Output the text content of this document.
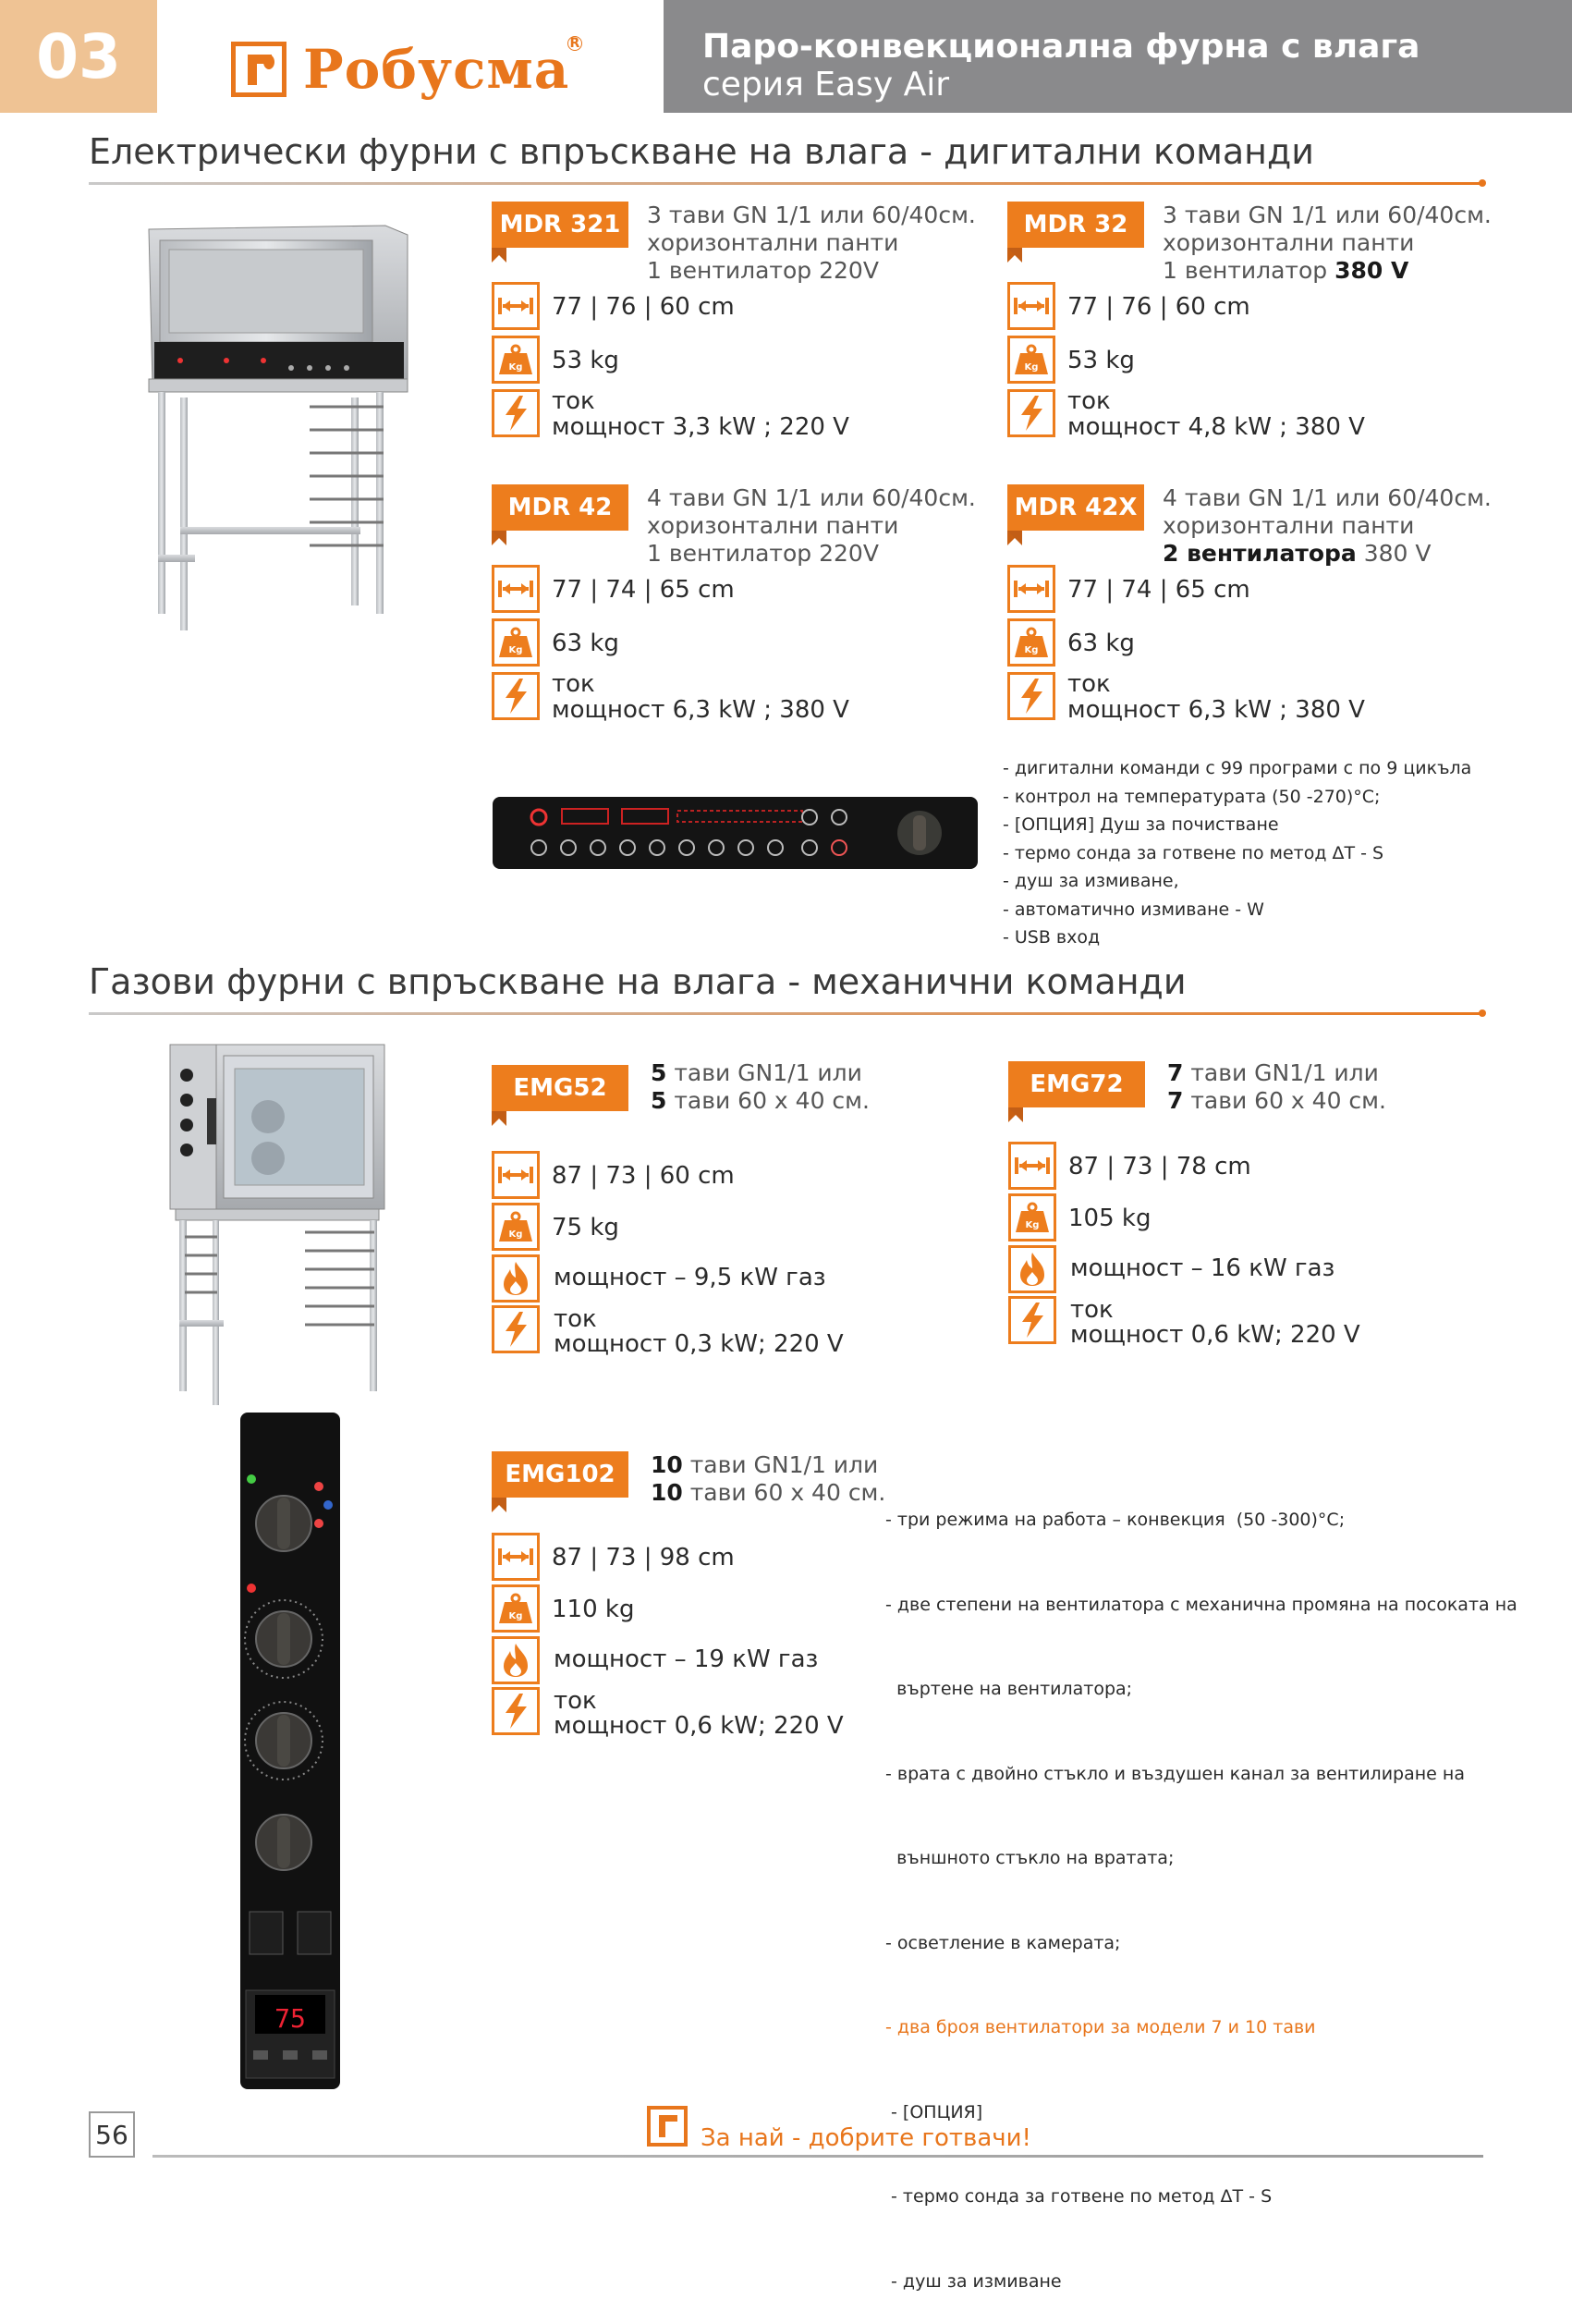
03	Робусма R	Паро-конвекционална фурна с влага
серия Easy Air
Електрически фурни с впръскване на влага - дигитални команди
MDR 321	3 тави GN 1/1 или 60/40см.
хоризонтални панти
1 вентилатор 220V
MDR 32	3 тави GN 1/1 или 60/40см.
хоризонтални панти
1 вентилатор 380 V
MDR 42	4 тави GN 1/1 или 60/40см.
хоризонтални панти
1 вентилатор 220V
MDR 42X	4 тави GN 1/1 или 60/40см.
хоризонтални панти
2 вентилатора 380 V
77 | 76 | 60 cm
Kg 53 kg
ток
мощност 3,3 kW ; 220 V
77 | 76 | 60 cm
Kg 53 kg
ток
мощност 4,8 kW ; 380 V
77 | 74 | 65 cm
Kg 63 kg
ток
мощност 6,3 kW ; 380 V
77 | 74 | 65 cm
Kg 63 kg
ток
мощност 6,3 kW ; 380 V
- дигитални команди с 99 програми с по 9 цикъла
- контрол на температурата (50 -270)°C;
- [ОПЦИЯ] Душ за почистване
- термо сонда за готвене по метод ΔT - S
- душ за измиване,
- автоматично измиване - W
- USB вход
Газови фурни с впръскване на влага - механични команди
75
EMG52
5 тави GN1/1 или
5 тави 60 x 40 см.
EMG72	7 тави GN1/1 или
7 тави 60 x 40 см.
EMG102	10 тави GN1/1 или
10 тави 60 x 40 см.
87 | 73 | 60 cm
Kg 75 kg
мощност – 9,5 кW газ
ток
мощност 0,3 kW; 220 V
87 | 73 | 78 cm
Kg 105 kg
мощност – 16 кW газ
ток
мощност 0,6 kW; 220 V
87 | 73 | 98 cm
Kg 110 kg
мощност – 19 кW газ
ток
мощност 0,6 kW; 220 V

- три режима на работа – конвекция  (50 -300)°C;

- две степени на вентилатора с механична промяна на посоката на

въртене на вентилатора;

- врата с двойно стъкло и въздушен канал за вентилиране на

външното стъкло на вратата;

- осветление в камерата;

- два броя вентилатори за модели 7 и 10 тави

- [ОПЦИЯ]

- термо сонда за готвене по метод ΔT - S

- душ за измиване

56	За най - добрите готвачи!
